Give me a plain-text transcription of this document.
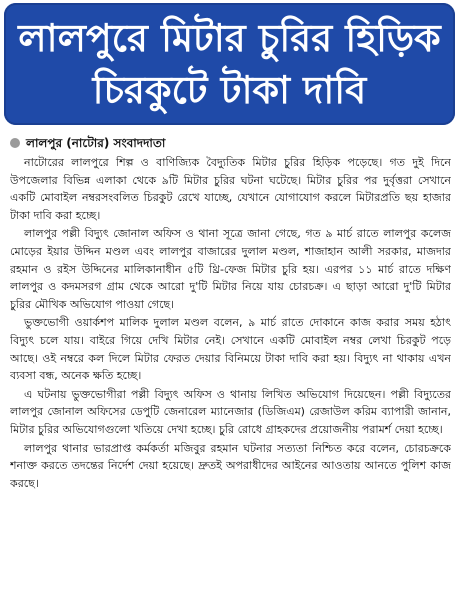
লালপুরে মিটার চুরির হিড়িক
চিরকুটে টাকা দাবি
লালপুর (নাটোর) সংবাদদাতা

নাটোরের লালপুরে শিল্প ও বাণিজ্যিক বৈদ্যুতিক মিটার চুরির হিড়িক পড়েছে। গত দুই দিনে উপজেলার বিভিন্ন এলাকা থেকে ৯টি মিটার চুরির ঘটনা ঘটেছে। মিটার চুরির পর দুর্বৃত্তরা সেখানে একটি মোবাইল নম্বরসংবলিত চিরকুট রেখে যাচ্ছে, যেখানে যোগাযোগ করলে মিটারপ্রতি ছয় হাজার টাকা দাবি করা হচ্ছে।

লালপুর পল্লী বিদ্যুৎ জোনাল অফিস ও থানা সূত্রে জানা গেছে, গত ৯ মার্চ রাতে লালপুর কলেজ মোড়ের ইয়ার উদ্দিন মণ্ডল এবং লালপুর বাজারের দুলাল মণ্ডল, শাজাহান আলী সরকার, মাজদার রহমান ও রইস উদ্দিনের মালিকানাধীন ৫টি থ্রি-ফেজ মিটার চুরি হয়। এরপর ১১ মার্চ রাতে দক্ষিণ লালপুর ও কদমসরগ গ্রাম থেকে আরো দু'টি মিটার নিয়ে যায় চোরচক্র। এ ছাড়া আরো দু'টি মিটার চুরির মৌখিক অভিযোগ পাওয়া গেছে।

ভুক্তভোগী ওয়ার্কশপ মালিক দুলাল মণ্ডল বলেন, ৯ মার্চ রাতে দোকানে কাজ করার সময় হঠাৎ বিদ্যুৎ চলে যায়। বাইরে গিয়ে দেখি মিটার নেই। সেখানে একটি মোবাইল নম্বর লেখা চিরকুট পড়ে আছে। ওই নম্বরে কল দিলে মিটার ফেরত দেয়ার বিনিময়ে টাকা দাবি করা হয়। বিদ্যুৎ না থাকায় এখন ব্যবসা বন্ধ, অনেক ক্ষতি হচ্ছে।

এ ঘটনায় ভুক্তভোগীরা পল্লী বিদ্যুৎ অফিস ও থানায় লিখিত অভিযোগ দিয়েছেন। পল্লী বিদ্যুতের লালপুর জোনাল অফিসের ডেপুটি জেনারেল ম্যানেজার (ডিজিএম) রেজাউল করিম ব্যাপারী জানান, মিটার চুরির অভিযোগগুলো খতিয়ে দেখা হচ্ছে। চুরি রোধে গ্রাহকদের প্রয়োজনীয় পরামর্শ দেয়া হচ্ছে।

লালপুর থানার ভারপ্রাপ্ত কর্মকর্তা মজিবুর রহমান ঘটনার সত্যতা নিশ্চিত করে বলেন, চোরচক্রকে শনাক্ত করতে তদন্তের নির্দেশ দেয়া হয়েছে। দ্রুতই অপরাধীদের আইনের আওতায় আনতে পুলিশ কাজ করছে।
